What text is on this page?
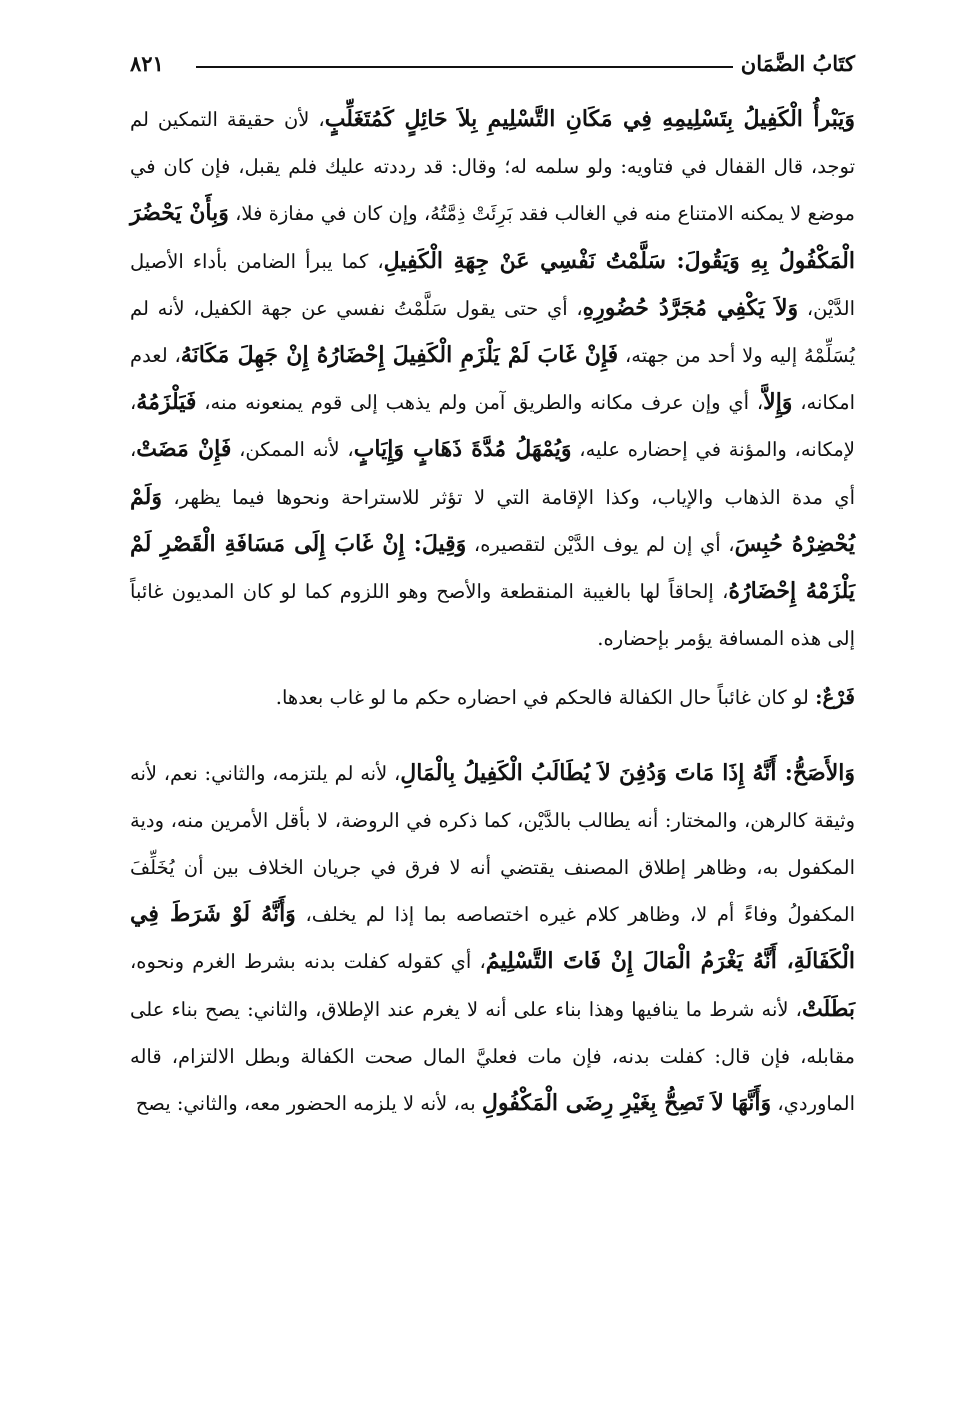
٨٢١	كتَابُ الضَّمَان

وَيَبْرأُ الْكَفِيلُ بِتَسْلِيمِهِ فِي مَكَانِ التَّسْلِيمِ بِلاَ حَائِلٍ كَمُتَغَلِّبٍ، لأن حقيقة التمكين لم توجد، قال القفال في فتاويه: ولو سلمه له؛ وقال: قد رددته عليك فلم يقبل، فإن كان في موضع لا يمكنه الامتناع منه في الغالب فقد بَرِئَتْ ذِمَّتُهُ، وإن كان في مفازة فلا، وَبِأَنْ يَحْضُرَ الْمَكْفُولُ بِهِ وَيَقُولَ: سَلَّمْتُ نَفْسِي عَنْ جِهَةِ الْكَفِيلِ، كما يبرأ الضامن بأداء الأصيل الدَّيْن، وَلاَ يَكْفِي مُجَرَّدُ حُضُورِهِ، أي حتى يقول سَلَّمْتُ نفسي عن جهة الكفيل، لأنه لم يُسَلِّمْهُ إليه ولا أحد من جهته، فَإِنْ غَابَ لَمْ يَلْزَمِ الْكَفِيلَ إِحْضَارُهُ إِنْ جَهِلَ مَكَانَهُ، لعدم امكانه، وَإِلاَّ، أي وإن عرف مكانه والطريق آمن ولم يذهب إلى قوم يمنعونه منه، فَيَلْزَمُهُ، لإمكانه، والمؤنة في إحضاره عليه، وَيُمْهَلُ مُدَّةَ ذَهَابٍ وَإِيَابٍ، لأنه الممكن، فَإِنْ مَضَتْ، أي مدة الذهاب والإياب، وكذا الإقامة التي لا تؤثر للاستراحة ونحوها فيما يظهر، وَلَمْ يُحْضِرْهُ حُبِسَ، أي إن لم يوف الدَّيْن لتقصيره، وَقِيلَ: إِنْ غَابَ إِلَى مَسَافَةِ الْقَصْرِ لَمْ يَلْزَمْهُ إِحْضَارُهُ، إلحاقاً لها بالغيبة المنقطعة والأصح وهو اللزوم كما لو كان المديون غائباً إلى هذه المسافة يؤمر بإحضاره.

فَرْعٌ: لو كان غائباً حال الكفالة فالحكم في احضاره حكم ما لو غاب بعدها.

وَالأَصَحُّ: أَنَّهُ إِذَا مَاتَ وَدُفِنَ لاَ يُطَالَبُ الْكَفِيلُ بِالْمَالِ، لأنه لم يلتزمه، والثاني: نعم، لأنه وثيقة كالرهن، والمختار: أنه يطالب بالدَّيْن، كما ذكره في الروضة، لا بأقل الأمرين منه، ودية المكفول به، وظاهر إطلاق المصنف يقتضي أنه لا فرق في جريان الخلاف بين أن يُخَلِّفَ المكفولُ وفاءً أم لا، وظاهر كلام غيره اختصاصه بما إذا لم يخلف، وَأَنَّهُ لَوْ شَرَطَ فِي الْكَفَالَةِ، أَنَّهُ يَغْرَمُ الْمَالَ إِنْ فَاتَ التَّسْلِيمُ، أي كقوله كفلت بدنه بشرط الغرم ونحوه، بَطَلَتْ، لأنه شرط ما ينافيها وهذا بناء على أنه لا يغرم عند الإطلاق، والثاني: يصح بناء على مقابله، فإن قال: كفلت بدنه، فإن مات فعليَّ المال صحت الكفالة وبطل الالتزام، قاله الماوردي، وَأَنَّهَا لاَ تَصِحُّ بِغَيْرِ رِضَى الْمَكْفُولِ به، لأنه لا يلزمه الحضور معه، والثاني: يصح
